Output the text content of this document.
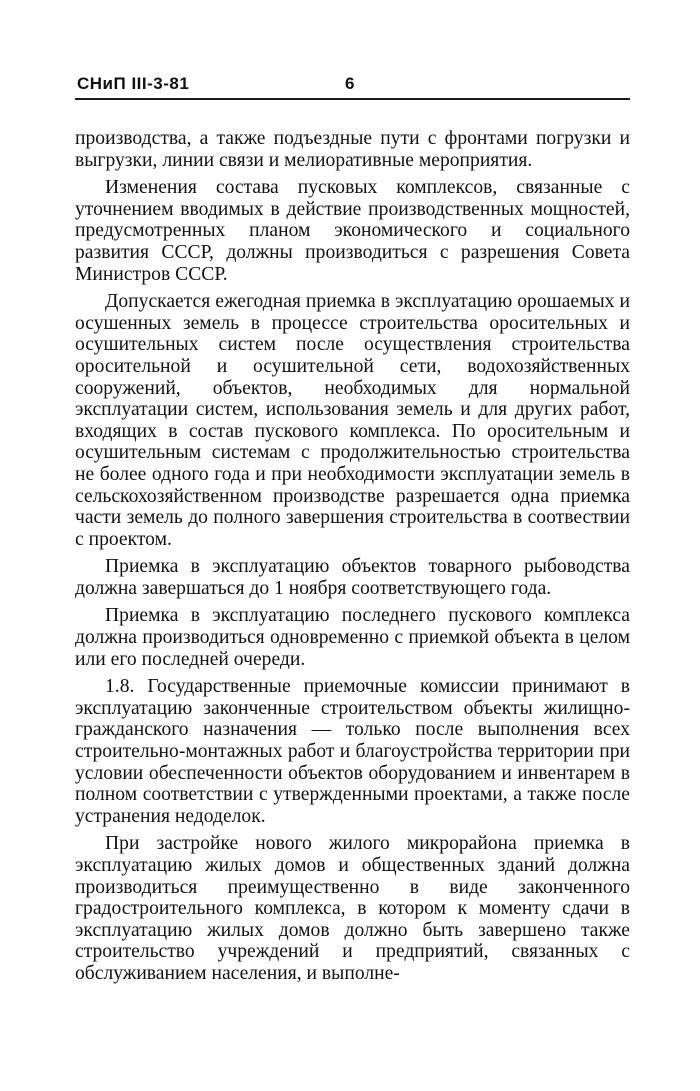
СНиП III-3-81	6

производства, а также подъездные пути с фронтами погрузки и выгрузки, линии связи и мелиоративные мероприятия.

Изменения состава пусковых комплексов, связанные с уточнением вводимых в действие производственных мощностей, предусмотренных планом экономического и социального развития СССР, должны производиться с разрешения Совета Министров СССР.

Допускается ежегодная приемка в эксплуатацию орошаемых и осушенных земель в процессе строительства оросительных и осушительных систем после осуществления строительства оросительной и осушительной сети, водохозяйственных сооружений, объектов, необходимых для нормальной эксплуатации систем, использования земель и для других работ, входящих в состав пускового комплекса. По оросительным и осушительным системам с продолжительностью строительства не более одного года и при необходимости эксплуатации земель в сельскохозяйственном производстве разрешается одна приемка части земель до полного завершения строительства в соотвествии с проектом.

Приемка в эксплуатацию объектов товарного рыбоводства должна завершаться до 1 ноября соответствующего года.

Приемка в эксплуатацию последнего пускового комплекса должна производиться одновременно с приемкой объекта в целом или его последней очереди.

1.8. Государственные приемочные комиссии принимают в эксплуатацию законченные строительством объекты жилищно-гражданского назначения — только после выполнения всех строительно-монтажных работ и благоустройства территории при условии обеспеченности объектов оборудованием и инвентарем в полном соответствии с утвержденными проектами, а также после устранения недоделок.

При застройке нового жилого микрорайона приемка в эксплуатацию жилых домов и общественных зданий должна производиться преимущественно в виде законченного градостроительного комплекса, в котором к моменту сдачи в эксплуатацию жилых домов должно быть завершено также строительство учреждений и предприятий, связанных с обслуживанием населения, и выполне-
